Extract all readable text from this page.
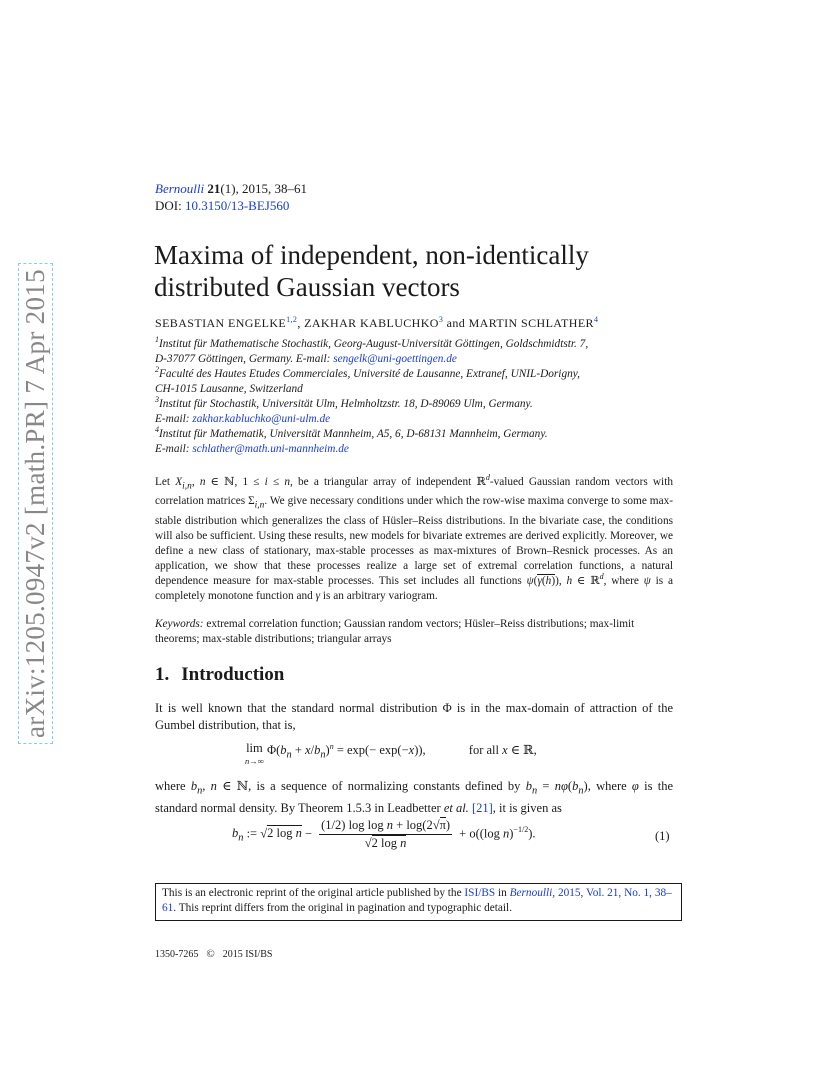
arXiv:1205.0947v2 [math.PR] 7 Apr 2015
Bernoulli 21(1), 2015, 38–61
DOI: 10.3150/13-BEJ560
Maxima of independent, non-identically
distributed Gaussian vectors
SEBASTIAN ENGELKE$^{1,2}$, ZAKHAR KABLUCHKO$^3$ and MARTIN SCHLATHER$^4$
$^1$Institut für Mathematische Stochastik, Georg-August-Universität Göttingen, Goldschmidtstr. 7,
D-37077 Göttingen, Germany. E-mail: sengelk@uni-goettingen.de
$^2$Faculté des Hautes Etudes Commerciales, Université de Lausanne, Extranef, UNIL-Dorigny,
CH-1015 Lausanne, Switzerland
$^3$Institut für Stochastik, Universität Ulm, Helmholtzstr. 18, D-89069 Ulm, Germany.
E-mail: zakhar.kabluchko@uni-ulm.de
$^4$Institut für Mathematik, Universität Mannheim, A5, 6, D-68131 Mannheim, Germany.
E-mail: schlather@math.uni-mannheim.de
Let $X_{i,n}$, n ∈ ℕ, 1 ≤ i ≤ n, be a triangular array of independent ℝ$^d$-valued Gaussian random vectors with correlation matrices $\Sigma_{i,n}$. We give necessary conditions under which the row-wise maxima converge to some max-stable distribution which generalizes the class of Hüsler–Reiss distributions. In the bivariate case, the conditions will also be sufficient. Using these results, new models for bivariate extremes are derived explicitly. Moreover, we define a new class of stationary, max-stable processes as max-mixtures of Brown–Resnick processes. As an application, we show that these processes realize a large set of extremal correlation functions, a natural dependence measure for max-stable processes. This set includes all functions ψ(γ(h)), h ∈ ℝ$^d$, where ψ is a completely monotone function and γ is an arbitrary variogram.
Keywords: extremal correlation function; Gaussian random vectors; Hüsler–Reiss distributions; max-limit theorems; max-stable distributions; triangular arrays
1. Introduction
It is well known that the standard normal distribution Φ is in the max-domain of attraction of the Gumbel distribution, that is,
lim
n→∞
$\Phi(b_n + x/b_n)^n = \exp(- \exp(-x))$,	for all x ∈ ℝ,
where $b_n$, n ∈ ℕ, is a sequence of normalizing constants defined by $b_n = n\varphi(b_n)$, where φ is the standard normal density. By Theorem 1.5.3 in Leadbetter et al. [21], it is given as
$b_n$ := √2 $\log n - \frac{\text{(1/2) log log n + log(2√π)}}{\text{√2 log n}} + o((\log$ n)$^{-1/2}$).	(1)
This is an electronic reprint of the original article published by the ISI/BS in Bernoulli, 2015, Vol. 21, No. 1, 38–61. This reprint differs from the original in pagination and typographic detail.
1350-7265 © 2015 ISI/BS
